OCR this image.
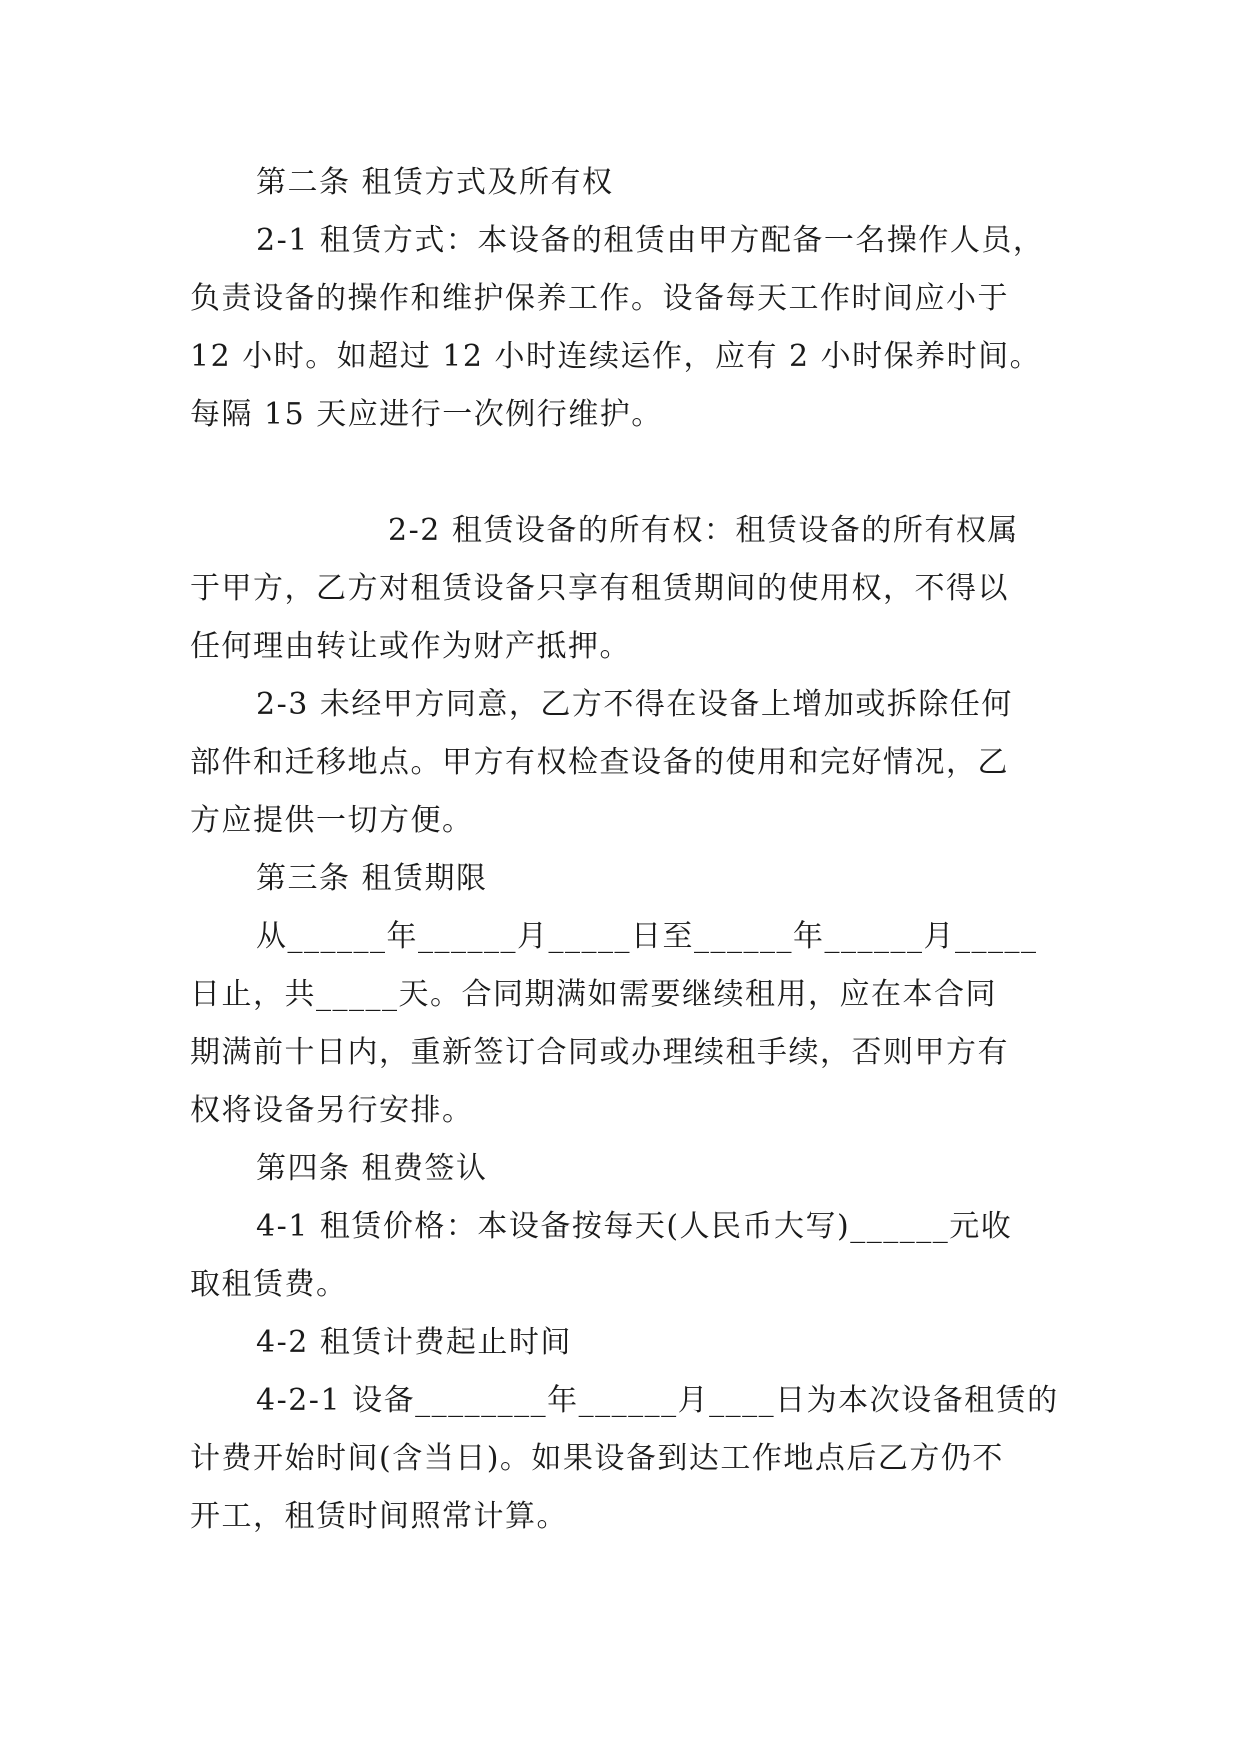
第二条 租赁方式及所有权
2-1 租赁方式：本设备的租赁由甲方配备一名操作人员，
负责设备的操作和维护保养工作。设备每天工作时间应小于
12 小时。如超过 12 小时连续运作，应有 2 小时保养时间。
每隔 15 天应进行一次例行维护。
2-2 租赁设备的所有权：租赁设备的所有权属
于甲方，乙方对租赁设备只享有租赁期间的使用权，不得以
任何理由转让或作为财产抵押。
2-3 未经甲方同意，乙方不得在设备上增加或拆除任何
部件和迁移地点。甲方有权检查设备的使用和完好情况，乙
方应提供一切方便。
第三条 租赁期限
从______年______月_____日至______年______月_____
日止，共_____天。合同期满如需要继续租用，应在本合同
期满前十日内，重新签订合同或办理续租手续，否则甲方有
权将设备另行安排。
第四条 租费签认
4-1 租赁价格：本设备按每天(人民币大写)______元收
取租赁费。
4-2 租赁计费起止时间
4-2-1 设备________年______月____日为本次设备租赁的
计费开始时间(含当日)。如果设备到达工作地点后乙方仍不
开工，租赁时间照常计算。
